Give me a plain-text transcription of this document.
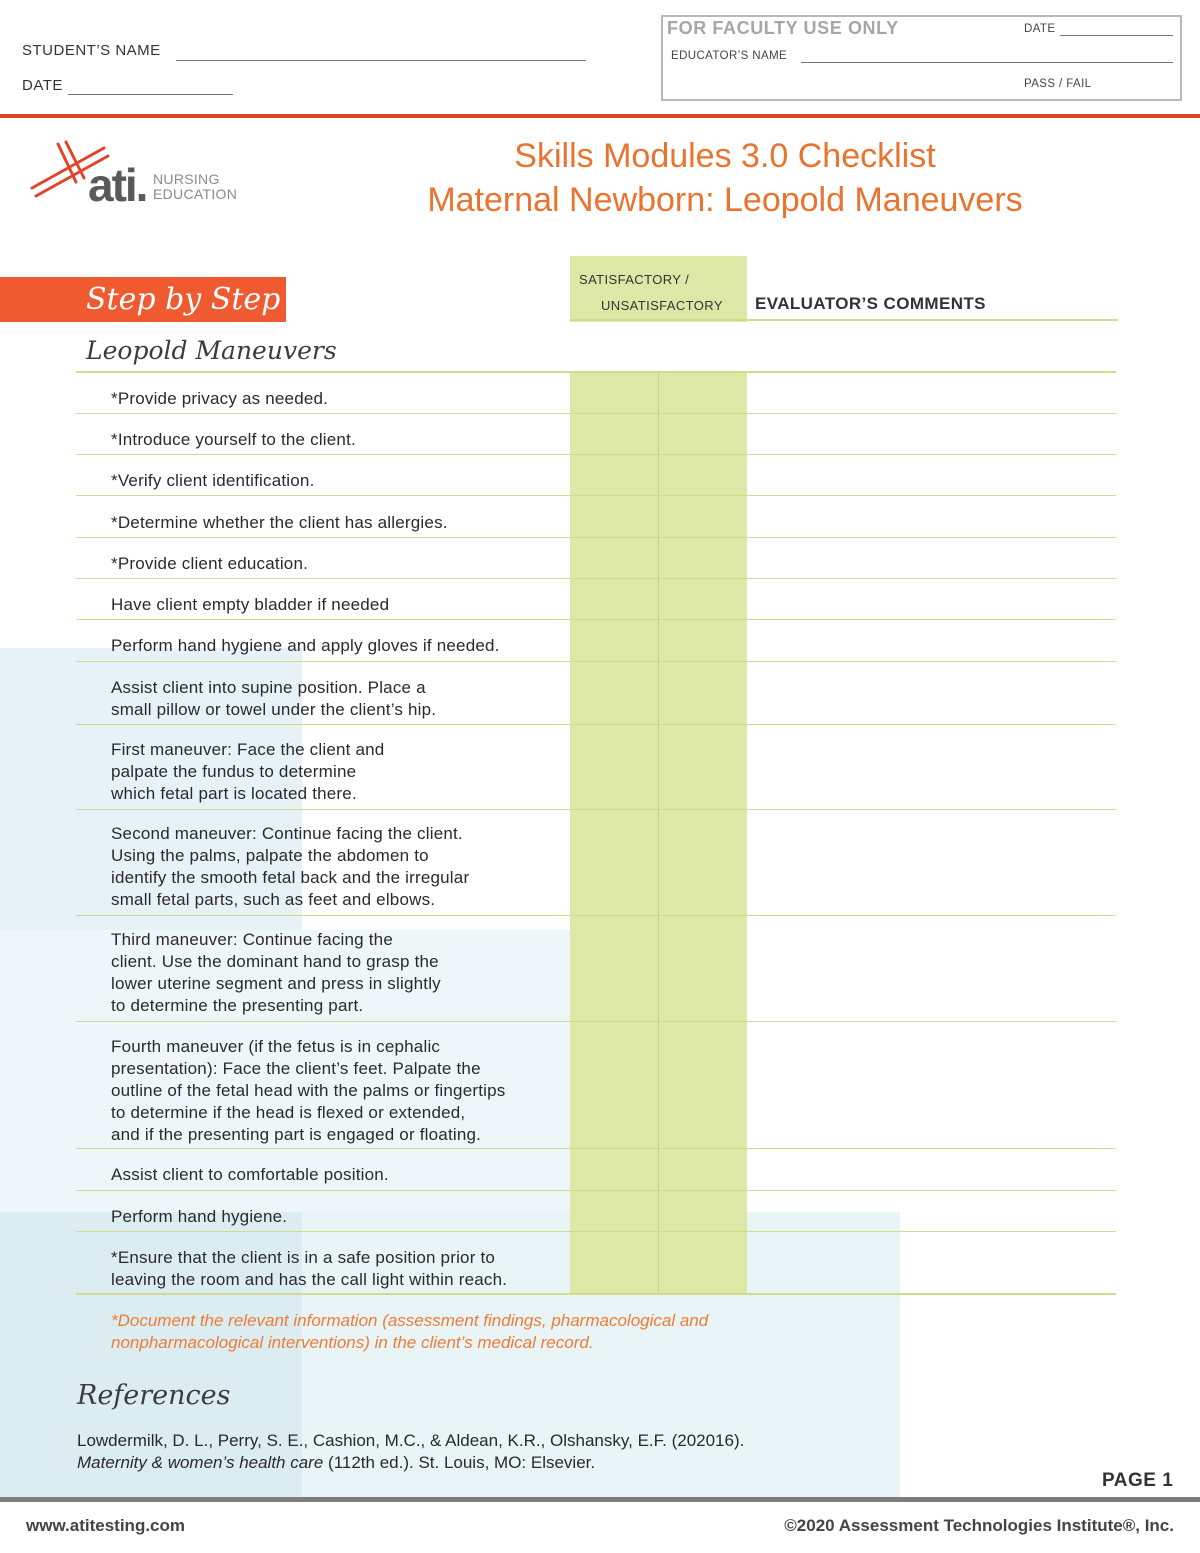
STUDENT’S NAME
DATE
FOR FACULTY USE ONLY	DATE
EDUCATOR’S NAME
PASS / FAIL
ati. NURSING
EDUCATION
Skills Modules 3.0 Checklist
Maternal Newborn: Leopold Maneuvers
Step by Step
SATISFACTORY /
UNSATISFACTORY EVALUATOR’S COMMENTS
Leopold Maneuvers
*Provide privacy as needed.
*Introduce yourself to the client.
*Verify client identification.
*Determine whether the client has allergies.
*Provide client education.
Have client empty bladder if needed
Perform hand hygiene and apply gloves if needed.
Assist client into supine position. Place a
small pillow or towel under the client’s hip.
First maneuver: Face the client and
palpate the fundus to determine
which fetal part is located there.
Second maneuver: Continue facing the client.
Using the palms, palpate the abdomen to
identify the smooth fetal back and the irregular
small fetal parts, such as feet and elbows.
Third maneuver: Continue facing the
client. Use the dominant hand to grasp the
lower uterine segment and press in slightly
to determine the presenting part.
Fourth maneuver (if the fetus is in cephalic
presentation): Face the client’s feet. Palpate the
outline of the fetal head with the palms or fingertips
to determine if the head is flexed or extended,
and if the presenting part is engaged or floating.
Assist client to comfortable position.
Perform hand hygiene.
*Ensure that the client is in a safe position prior to
leaving the room and has the call light within reach.
*Document the relevant information (assessment findings, pharmacological and
nonpharmacological interventions) in the client’s medical record.
References
Lowdermilk, D. L., Perry, S. E., Cashion, M.C., & Aldean, K.R., Olshansky, E.F. (202016).
Maternity & women’s health care (112th ed.). St. Louis, MO: Elsevier.
PAGE 1
www.atitesting.com	©2020 Assessment Technologies Institute®, Inc.
